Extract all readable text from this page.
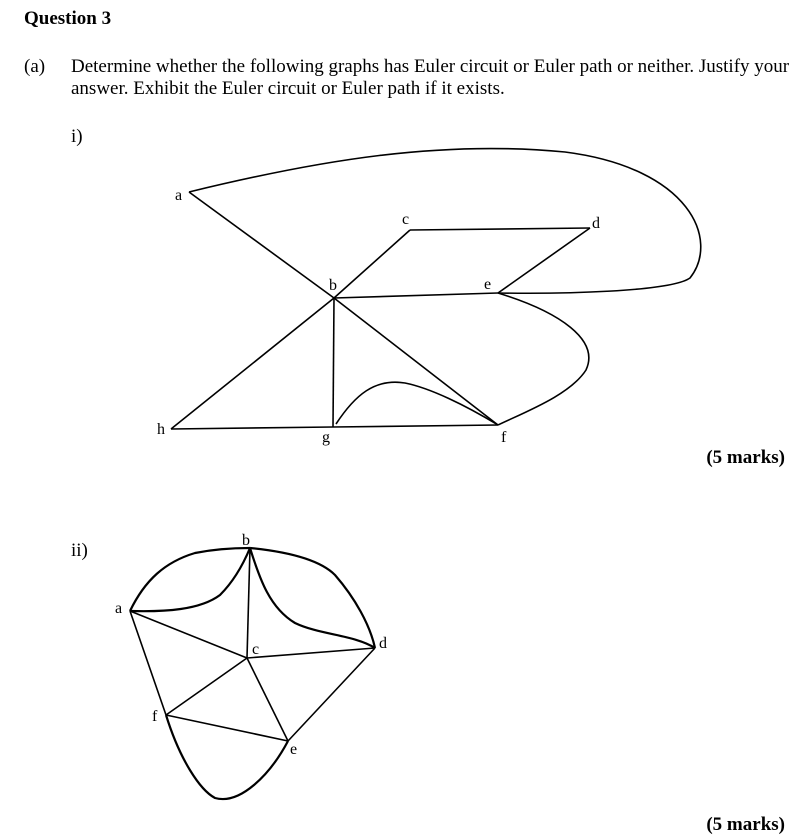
Question 3
(a) Determine whether the following graphs has Euler circuit or Euler path or neither. Justify your answer. Exhibit the Euler circuit or Euler path if it exists.
i)
(5 marks)
ii)
(5 marks)
a
b
c	d
e
f
g
h
a
b
c	d
e
f
